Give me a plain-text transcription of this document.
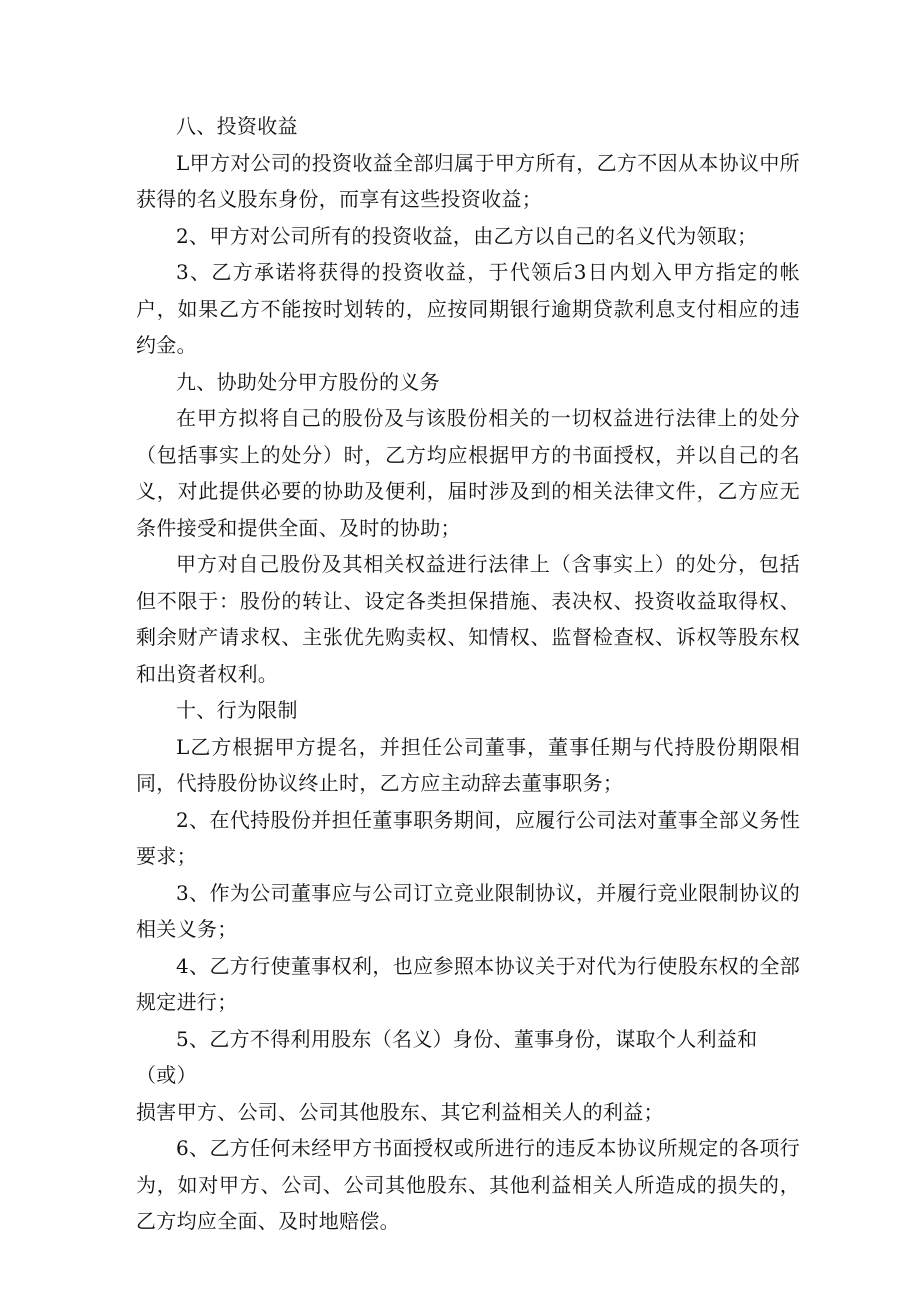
八、投资收益

L甲方对公司的投资收益全部归属于甲方所有，乙方不因从本协议中所获得的名义股东身份，而享有这些投资收益；

2、甲方对公司所有的投资收益，由乙方以自己的名义代为领取；

3、乙方承诺将获得的投资收益，于代领后3日内划入甲方指定的帐户，如果乙方不能按时划转的，应按同期银行逾期贷款利息支付相应的违约金。

九、协助处分甲方股份的义务

在甲方拟将自己的股份及与该股份相关的一切权益进行法律上的处分（包括事实上的处分）时，乙方均应根据甲方的书面授权，并以自己的名义，对此提供必要的协助及便利，届时涉及到的相关法律文件，乙方应无条件接受和提供全面、及时的协助；

甲方对自己股份及其相关权益进行法律上（含事实上）的处分，包括但不限于：股份的转让、设定各类担保措施、表决权、投资收益取得权、剩余财产请求权、主张优先购卖权、知情权、监督检查权、诉权等股东权和出资者权利。

十、行为限制

L乙方根据甲方提名，并担任公司董事，董事任期与代持股份期限相同，代持股份协议终止时，乙方应主动辞去董事职务；

2、在代持股份并担任董事职务期间，应履行公司法对董事全部义务性要求；

3、作为公司董事应与公司订立竞业限制协议，并履行竞业限制协议的相关义务；

4、乙方行使董事权利，也应参照本协议关于对代为行使股东权的全部规定进行；

5、乙方不得利用股东（名义）身份、董事身份，谋取个人利益和

（或）

损害甲方、公司、公司其他股东、其它利益相关人的利益；

6、乙方任何未经甲方书面授权或所进行的违反本协议所规定的各项行为，如对甲方、公司、公司其他股东、其他利益相关人所造成的损失的，乙方均应全面、及时地赔偿。
